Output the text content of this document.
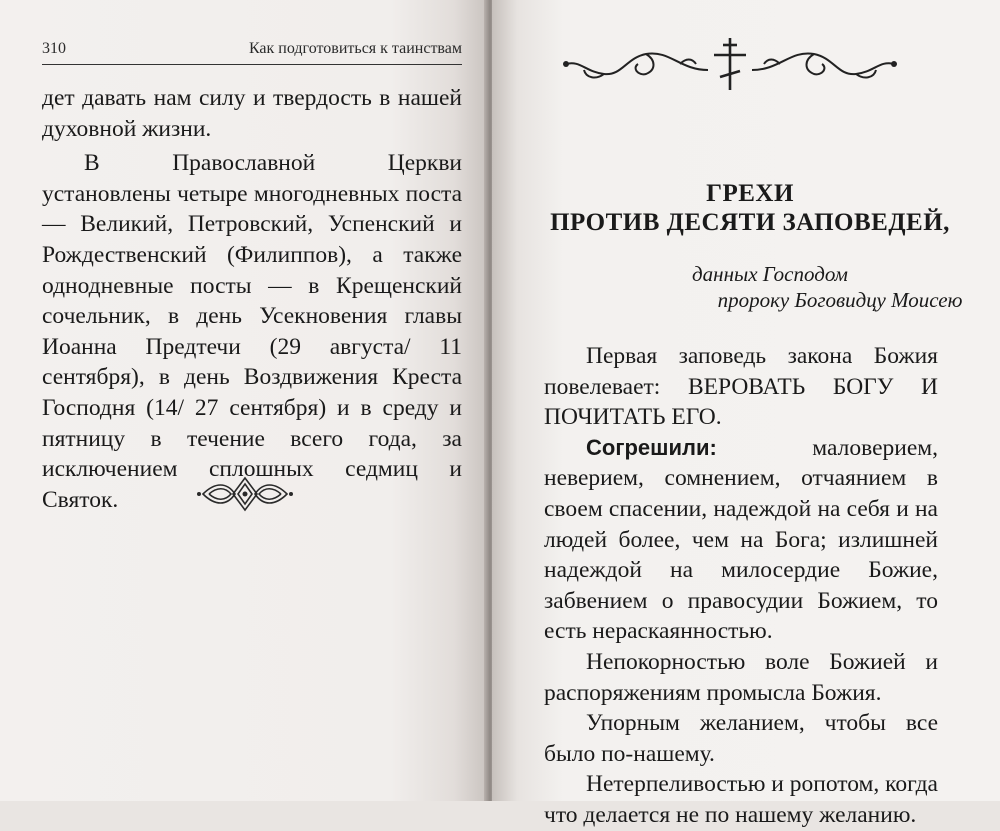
310	Как подготовиться к таинствам

дет давать нам силу и твердость в нашей духовной жизни.

В Православной Церкви установлены четыре многодневных поста — Великий, Петровский, Успенский и Рождественский (Филиппов), а также однодневные посты — в Крещенский сочельник, в день Усекновения главы Иоанна Предтечи (29 августа/ 11 сентября), в день Воздвижения Креста Господня (14/ 27 сентября) и в среду и пятницу в течение всего года, за исключением сплошных седмиц и Святок.

ГРЕХИ
ПРОТИВ ДЕСЯТИ ЗАПОВЕДЕЙ,
данных Господом
пророку Боговидцу Моисею

Первая заповедь закона Божия повелевает: ВЕРОВАТЬ БОГУ И ПОЧИТАТЬ ЕГО.

Согрешили: маловерием, неверием, сомнением, отчаянием в своем спасении, надеждой на себя и на людей более, чем на Бога; излишней надеждой на милосердие Божие, забвением о правосудии Божием, то есть нераскаянностью.

Непокорностью воле Божией и распоряжениям промысла Божия.

Упорным желанием, чтобы все было по-нашему.

Нетерпеливостью и ропотом, когда что делается не по нашему желанию.
